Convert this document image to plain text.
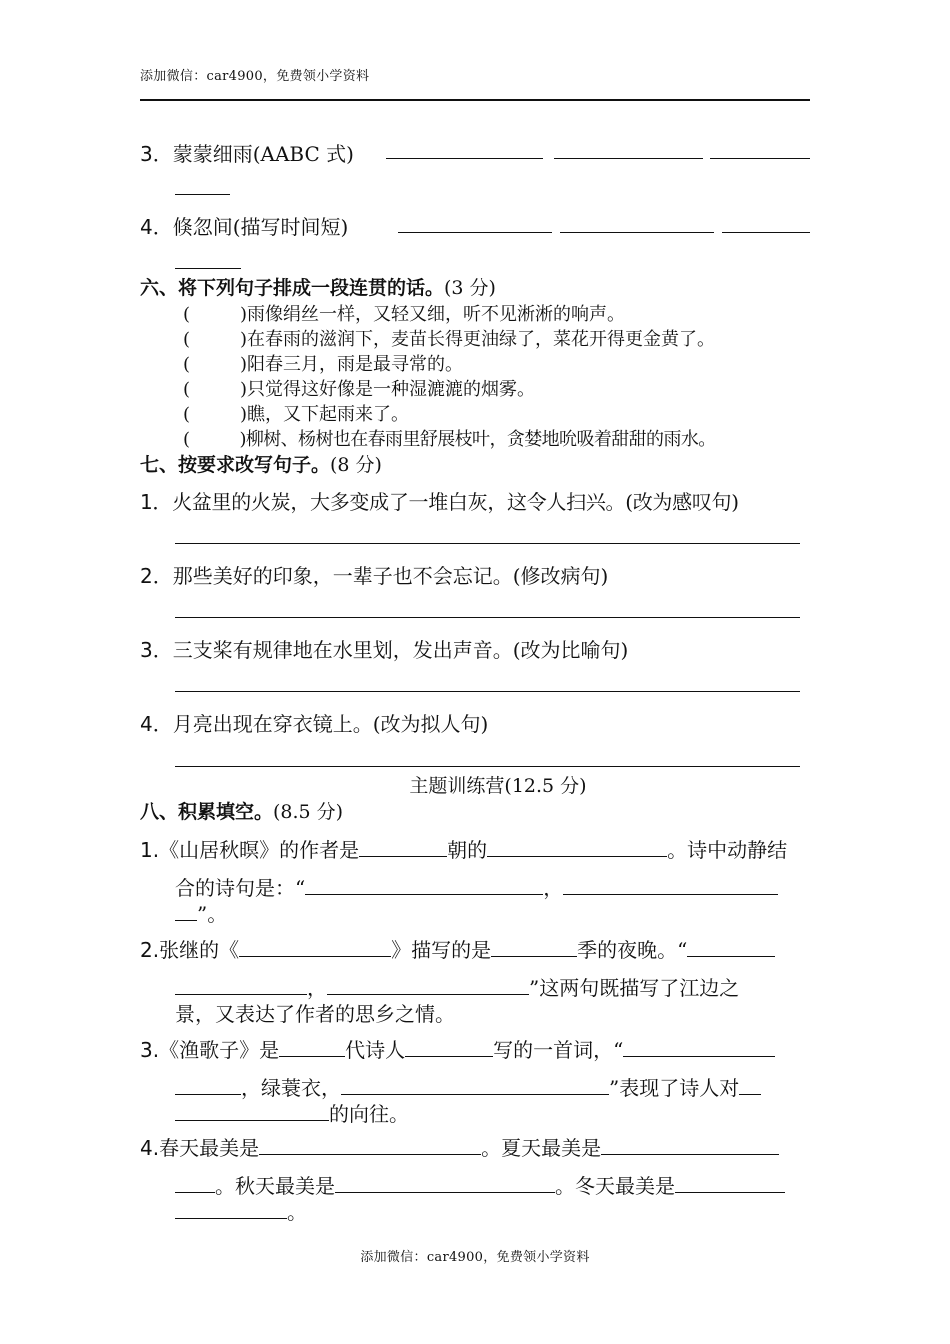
添加微信：car4900，免费领小学资料
3．蒙蒙细雨(AABC 式)
4．倏忽间(描写时间短)
六、将下列句子排成一段连贯的话。(3 分)
(	)雨像绢丝一样，又轻又细，听不见淅淅的响声。
(	)在春雨的滋润下，麦苗长得更油绿了，菜花开得更金黄了。
(	)阳春三月，雨是最寻常的。
(	)只觉得这好像是一种湿漉漉的烟雾。
(	)瞧，又下起雨来了。
(	)柳树、杨树也在春雨里舒展枝叶，贪婪地吮吸着甜甜的雨水。
七、按要求改写句子。(8 分)
1．火盆里的火炭，大多变成了一堆白灰，这令人扫兴。(改为感叹句)
2．那些美好的印象，一辈子也不会忘记。(修改病句)
3．三支桨有规律地在水里划，发出声音。(改为比喻句)
4．月亮出现在穿衣镜上。(改为拟人句)
主题训练营(12.5 分)
八、积累填空。(8.5 分)
1.《山居秋暝》的作者是	朝的	。诗中动静结
合的诗句是：“	，
”。
2.张继的《	》描写的是	季的夜晚。“
，	”这两句既描写了江边之
景，又表达了作者的思乡之情。
3.《渔歌子》是	代诗人	写的一首词，“
，绿蓑衣，	”表现了诗人对
的向往。
4.春天最美是	。夏天最美是
。秋天最美是	。冬天最美是
。
添加微信：car4900，免费领小学资料
